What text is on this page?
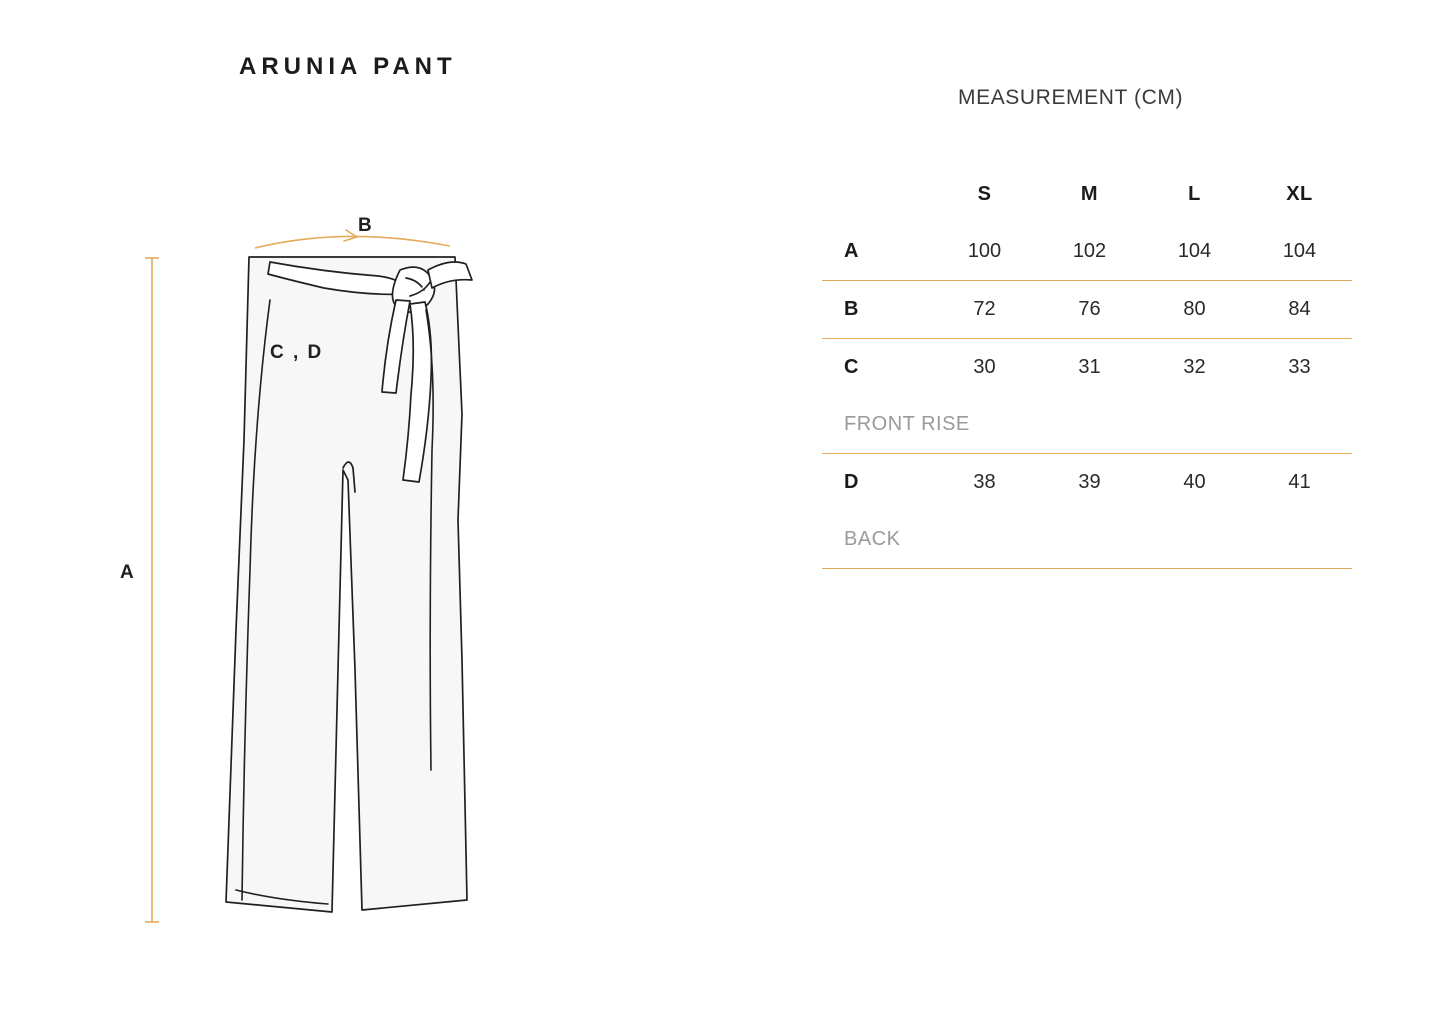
ARUNIA PANT
A
B
C , D
MEASUREMENT (CM)
	S	M	L	XL
A	100	102	104	104
B	72	76	80	84
C	30	31	32	33
FRONT RISE				
D	38	39	40	41
BACK				
